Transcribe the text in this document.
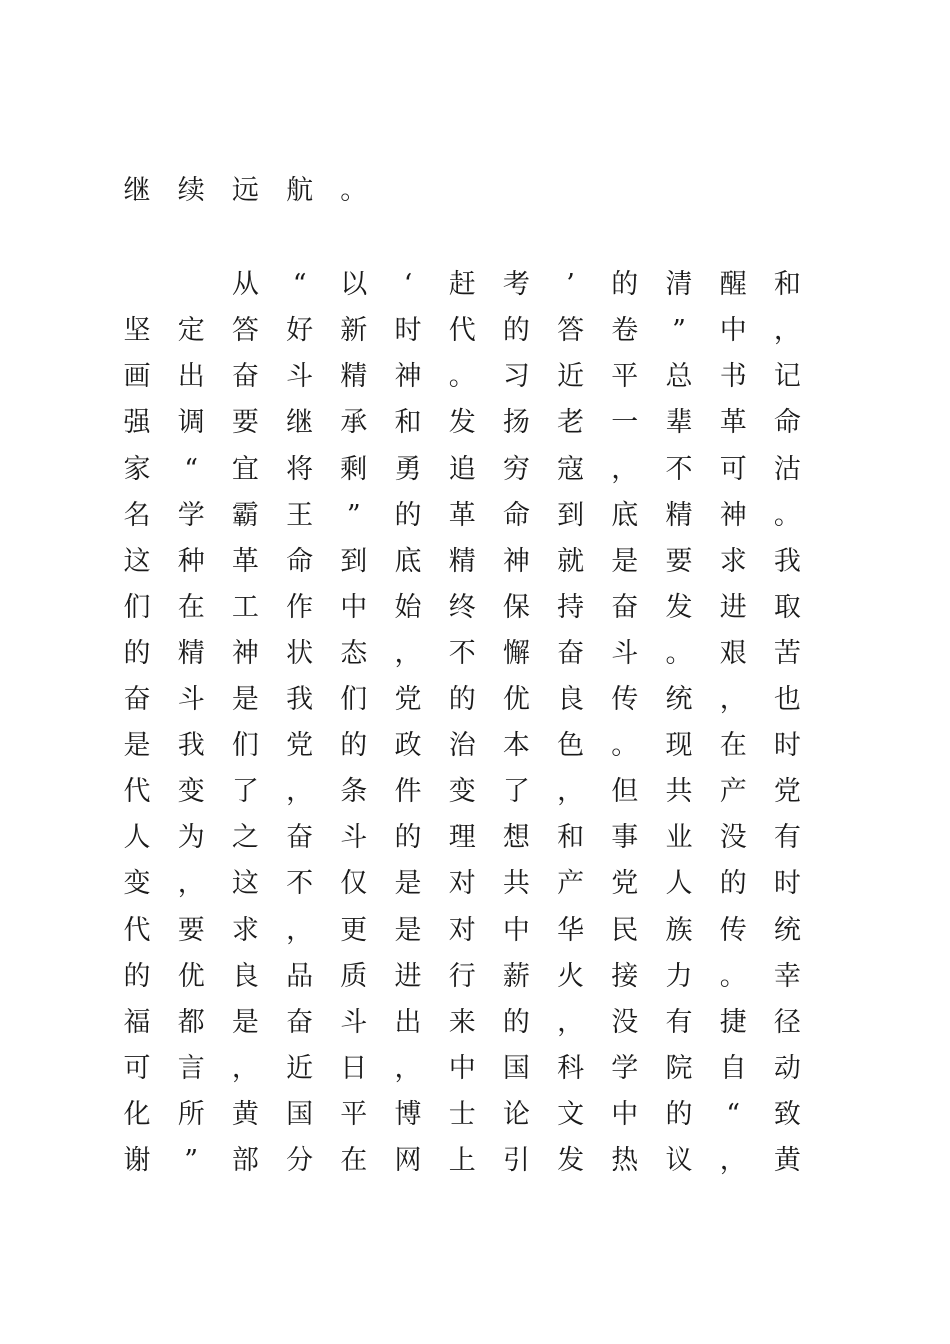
继	续	远	航	。
从	“	以	‘	赶	考	’	的	清	醒	和
坚	定	答	好	新	时	代	的	答	卷	”	中	，
画	出	奋	斗	精	神	。	习	近	平	总	书	记
强	调	要	继	承	和	发	扬	老	一	辈	革	命
家	“	宜	将	剩	勇	追	穷	寇	，	不	可	沽
名	学	霸	王	”	的	革	命	到	底	精	神	。
这	种	革	命	到	底	精	神	就	是	要	求	我
们	在	工	作	中	始	终	保	持	奋	发	进	取
的	精	神	状	态	，	不	懈	奋	斗	。	艰	苦
奋	斗	是	我	们	党	的	优	良	传	统	，	也
是	我	们	党	的	政	治	本	色	。	现	在	时
代	变	了	，	条	件	变	了	，	但	共	产	党
人	为	之	奋	斗	的	理	想	和	事	业	没	有
变	，	这	不	仅	是	对	共	产	党	人	的	时
代	要	求	，	更	是	对	中	华	民	族	传	统
的	优	良	品	质	进	行	薪	火	接	力	。	幸
福	都	是	奋	斗	出	来	的	，	没	有	捷	径
可	言	，	近	日	，	中	国	科	学	院	自	动
化	所	黄	国	平	博	士	论	文	中	的	“	致
谢	”	部	分	在	网	上	引	发	热	议	，	黄
